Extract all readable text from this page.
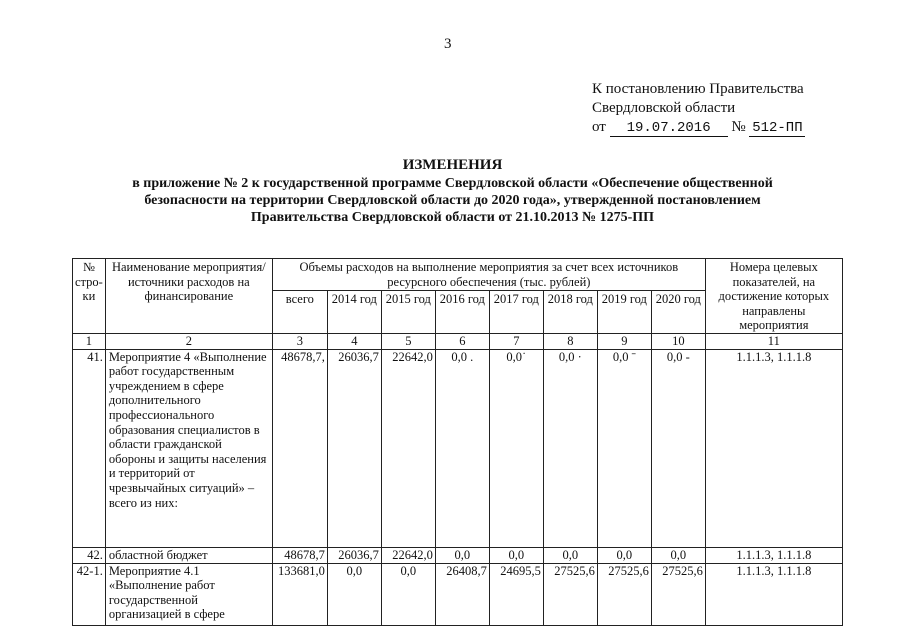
3
К постановлению Правительства
Свердловской области
от 19.07.2016 № 512-ПП
ИЗМЕНЕНИЯ
в приложение № 2 к государственной программе Свердловской области «Обеспечение общественной
безопасности на территории Свердловской области до 2020 года», утвержденной постановлением
Правительства Свердловской области от 21.10.2013 № 1275-ПП
№ стро-ки	Наименование мероприятия/ источники расходов на финансирование	Объемы расходов на выполнение мероприятия за счет всех источников ресурсного обеспечения (тыс. рублей)								Номера целевых показателей, на достижение которых направлены мероприятия
		всего	2014 год	2015 год	2016 год	2017 год	2018 год	2019 год	2020 год	
1	2	3	4	5	6	7	8	9	10	11
41.	Мероприятие 4 «Выполнение работ государственным учреждением в сфере дополнительного профессионального образования специалистов в области гражданской обороны и защиты населения и территорий от чрезвычайных ситуаций» – всего из них:	48678,7,	26036,7	22642,0	0,0 .	0,0˙	0,0 ·	0,0 ˉ	0,0 -	1.1.1.3, 1.1.1.8
42.	областной бюджет	48678,7	26036,7	22642,0	0,0	0,0	0,0	0,0	0,0	1.1.1.3, 1.1.1.8
42-1.	Мероприятие 4.1 «Выполнение работ государственной организацией в сфере	133681,0	0,0	0,0	26408,7	24695,5	27525,6	27525,6	27525,6	1.1.1.3, 1.1.1.8
